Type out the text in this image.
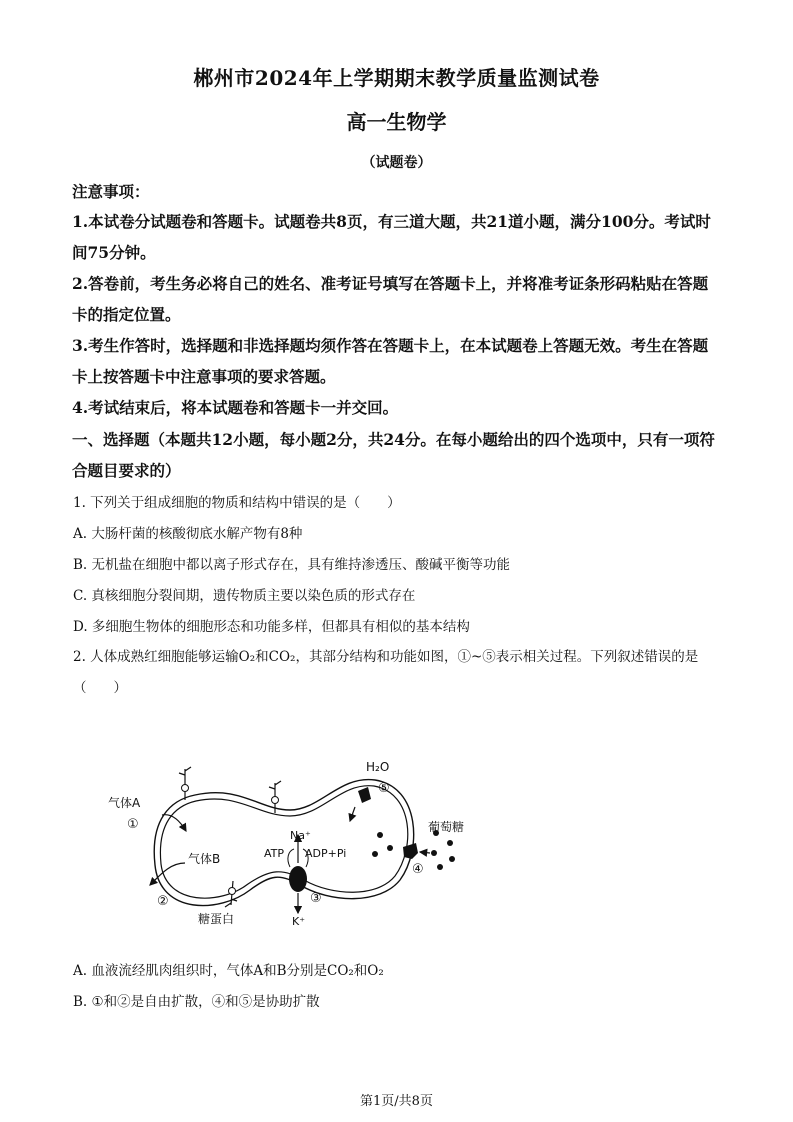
郴州市2024年上学期期末教学质量监测试卷
高一生物学
（试题卷）
注意事项：

1.本试卷分试题卷和答题卡。试题卷共8页，有三道大题，共21道小题，满分100分。考试时间75分钟。

2.答卷前，考生务必将自己的姓名、准考证号填写在答题卡上，并将准考证条形码粘贴在答题卡的指定位置。

3.考生作答时，选择题和非选择题均须作答在答题卡上，在本试题卷上答题无效。考生在答题卡上按答题卡中注意事项的要求答题。

4.考试结束后，将本试题卷和答题卡一并交回。

一、选择题（本题共12小题，每小题2分，共24分。在每小题给出的四个选项中，只有一项符合题目要求的）

1. 下列关于组成细胞的物质和结构中错误的是（　　）

A. 大肠杆菌的核酸彻底水解产物有8种

B. 无机盐在细胞中都以离子形式存在，具有维持渗透压、酸碱平衡等功能

C. 真核细胞分裂间期，遗传物质主要以染色质的形式存在

D. 多细胞生物体的细胞形态和功能多样，但都具有相似的基本结构

2. 人体成熟红细胞能够运输O₂和CO₂，其部分结构和功能如图，①~⑤表示相关过程。下列叙述错误的是（　　）

气体A
①
气体B
②
糖蛋白
H₂O
⑤
葡萄糖
④
Na⁺
ATP ADP+Pi
③
K⁺

A. 血液流经肌肉组织时，气体A和B分别是CO₂和O₂

B. ①和②是自由扩散，④和⑤是协助扩散

第1页/共8页
